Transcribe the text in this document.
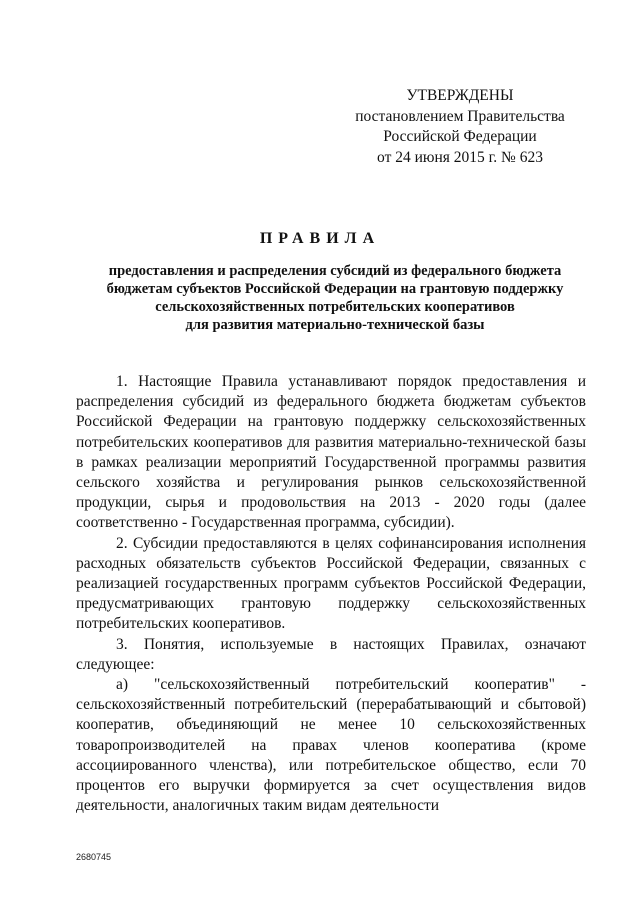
УТВЕРЖДЕНЫ
постановлением Правительства
Российской Федерации
от 24 июня 2015 г. № 623
ПРАВИЛА
предоставления и распределения субсидий из федерального бюджета
бюджетам субъектов Российской Федерации на грантовую поддержку
сельскохозяйственных потребительских кооперативов
для развития материально-технической базы

1. Настоящие Правила устанавливают порядок предоставления и распределения субсидий из федерального бюджета бюджетам субъектов Российской Федерации на грантовую поддержку сельскохозяйственных потребительских кооперативов для развития материально-технической базы в рамках реализации мероприятий Государственной программы развития сельского хозяйства и регулирования рынков сельскохозяйственной продукции, сырья и продовольствия на 2013 - 2020 годы (далее соответственно - Государственная программа, субсидии).

2. Субсидии предоставляются в целях софинансирования исполнения расходных обязательств субъектов Российской Федерации, связанных с реализацией государственных программ субъектов Российской Федерации, предусматривающих грантовую поддержку сельскохозяйственных потребительских кооперативов.

3. Понятия, используемые в настоящих Правилах, означают следующее:

а) "сельскохозяйственный потребительский кооператив" - сельскохозяйственный потребительский (перерабатывающий и сбытовой) кооператив, объединяющий не менее 10 сельскохозяйственных товаропроизводителей на правах членов кооператива (кроме ассоциированного членства), или потребительское общество, если 70 процентов его выручки формируется за счет осуществления видов деятельности, аналогичных таким видам деятельности

2680745
